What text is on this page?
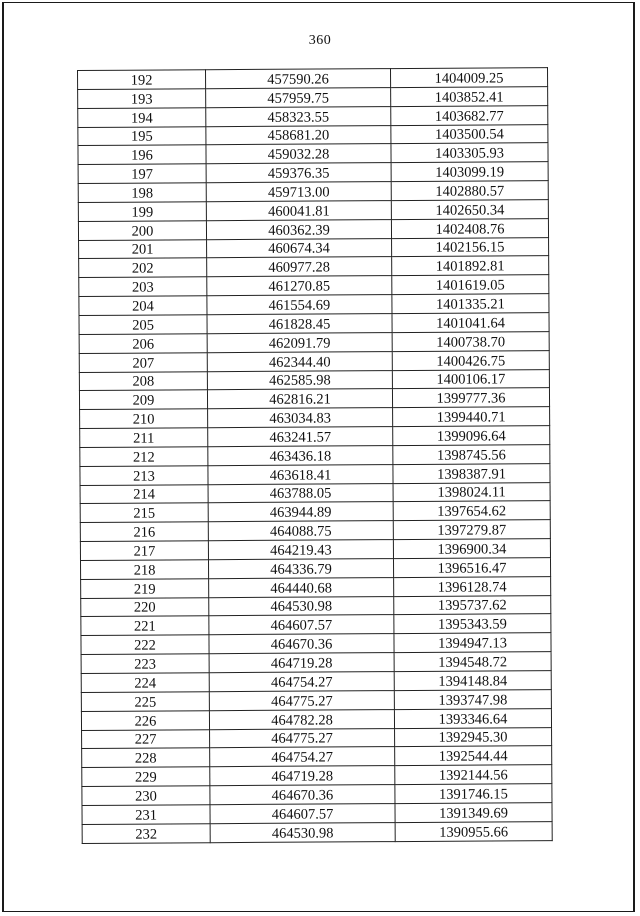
360
192	457590.26	1404009.25
193	457959.75	1403852.41
194	458323.55	1403682.77
195	458681.20	1403500.54
196	459032.28	1403305.93
197	459376.35	1403099.19
198	459713.00	1402880.57
199	460041.81	1402650.34
200	460362.39	1402408.76
201	460674.34	1402156.15
202	460977.28	1401892.81
203	461270.85	1401619.05
204	461554.69	1401335.21
205	461828.45	1401041.64
206	462091.79	1400738.70
207	462344.40	1400426.75
208	462585.98	1400106.17
209	462816.21	1399777.36
210	463034.83	1399440.71
211	463241.57	1399096.64
212	463436.18	1398745.56
213	463618.41	1398387.91
214	463788.05	1398024.11
215	463944.89	1397654.62
216	464088.75	1397279.87
217	464219.43	1396900.34
218	464336.79	1396516.47
219	464440.68	1396128.74
220	464530.98	1395737.62
221	464607.57	1395343.59
222	464670.36	1394947.13
223	464719.28	1394548.72
224	464754.27	1394148.84
225	464775.27	1393747.98
226	464782.28	1393346.64
227	464775.27	1392945.30
228	464754.27	1392544.44
229	464719.28	1392144.56
230	464670.36	1391746.15
231	464607.57	1391349.69
232	464530.98	1390955.66
